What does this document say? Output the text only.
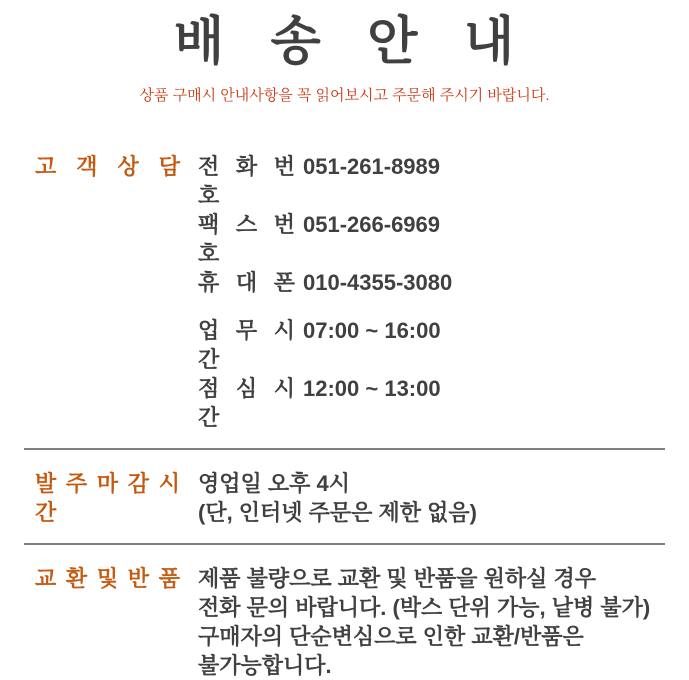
배 송 안 내

상품 구매시 안내사항을 꼭 읽어보시고 주문해 주시기 바랍니다.

고 객 상 담 전 화 번 호
051-261-8989
팩 스 번 호
051-266-6969
휴 대 폰 010-4355-3080
업 무 시 간
07:00 ~ 16:00
점 심 시 간
12:00 ~ 13:00
발 주 마 감 시 간
영업일 오후 4시
(단, 인터넷 주문은 제한 없음)
교 환 및 반 품 제품 불량으로 교환 및 반품을 원하실 경우
전화 문의 바랍니다. (박스 단위 가능, 낱병 불가)
구매자의 단순변심으로 인한 교환/반품은
불가능합니다.
